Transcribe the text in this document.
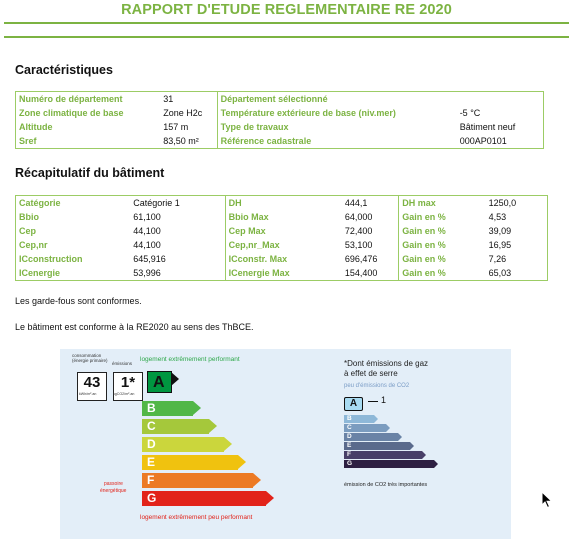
RAPPORT D'ETUDE REGLEMENTAIRE RE 2020
Caractéristiques
Numéro de département	31	Département sélectionné	
Zone climatique de base	Zone H2c	Température extérieure de base (niv.mer)	-5 °C
Altitude	157 m	Type de travaux	Bâtiment neuf
Sref	83,50 m²	Référence cadastrale	000AP0101
Récapitulatif du bâtiment
Catégorie	Catégorie 1	DH	444,1	DH max	1250,0
Bbio	61,100	Bbio Max	64,000	Gain en %	4,53
Cep	44,100	Cep Max	72,400	Gain en %	39,09
Cep,nr	44,100	Cep,nr_Max	53,100	Gain en %	16,95
ICconstruction	645,916	ICconstr. Max	696,476	Gain en %	7,26
ICenergie	53,996	ICenergie Max	154,400	Gain en %	65,03
Les garde-fous sont conformes.
Le bâtiment est conforme à la RE2020 au sens des ThBCE.
consommation (énergie primaire)
émissions
43
kWh/m².an
1*
kgCO2/m².an
logement extrêmement performant
logement extrêmement peu performant
passoire
énergétique
A
B
C
D
E
F
G
*Dont émissions de gaz
à effet de serre
peu d'émissions de CO2
A	1
B
C
D
E
F
G
émission de CO2 très importantes
